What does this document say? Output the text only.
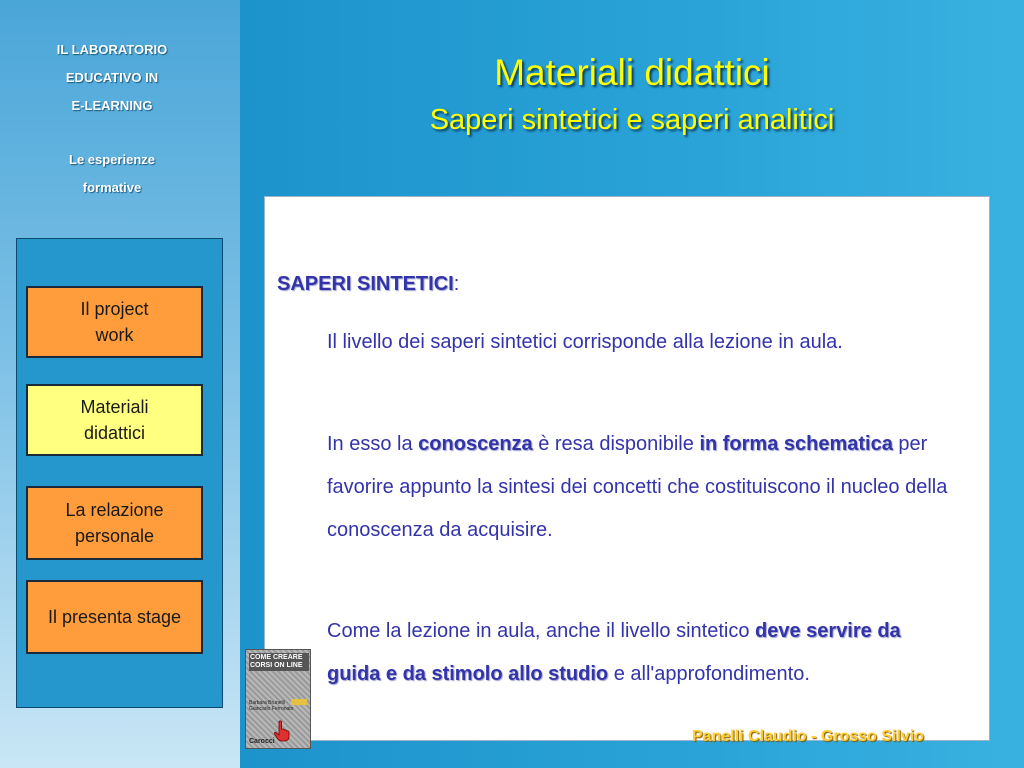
IL LABORATORIO
EDUCATIVO IN
E-LEARNING
Le esperienze
formative
Il project
work
Materiali
didattici
La relazione
personale
Il presenta stage
Materiali didattici
Saperi sintetici e saperi analitici
SAPERI SINTETICI:

Il livello dei saperi sintetici corrisponde alla lezione in aula.

In esso la conoscenza è resa disponibile in forma schematica per favorire appunto la sintesi dei concetti che costituiscono il nucleo della conoscenza da acquisire.

Come la lezione in aula, anche il livello sintetico deve servire da guida e da stimolo allo studio e all'approfondimento.

Panelli Claudio - Grosso Silvio
COME CREARE CORSI ON LINE
Barbara Brunelli · Giancarlo Ferronato
Carocci
